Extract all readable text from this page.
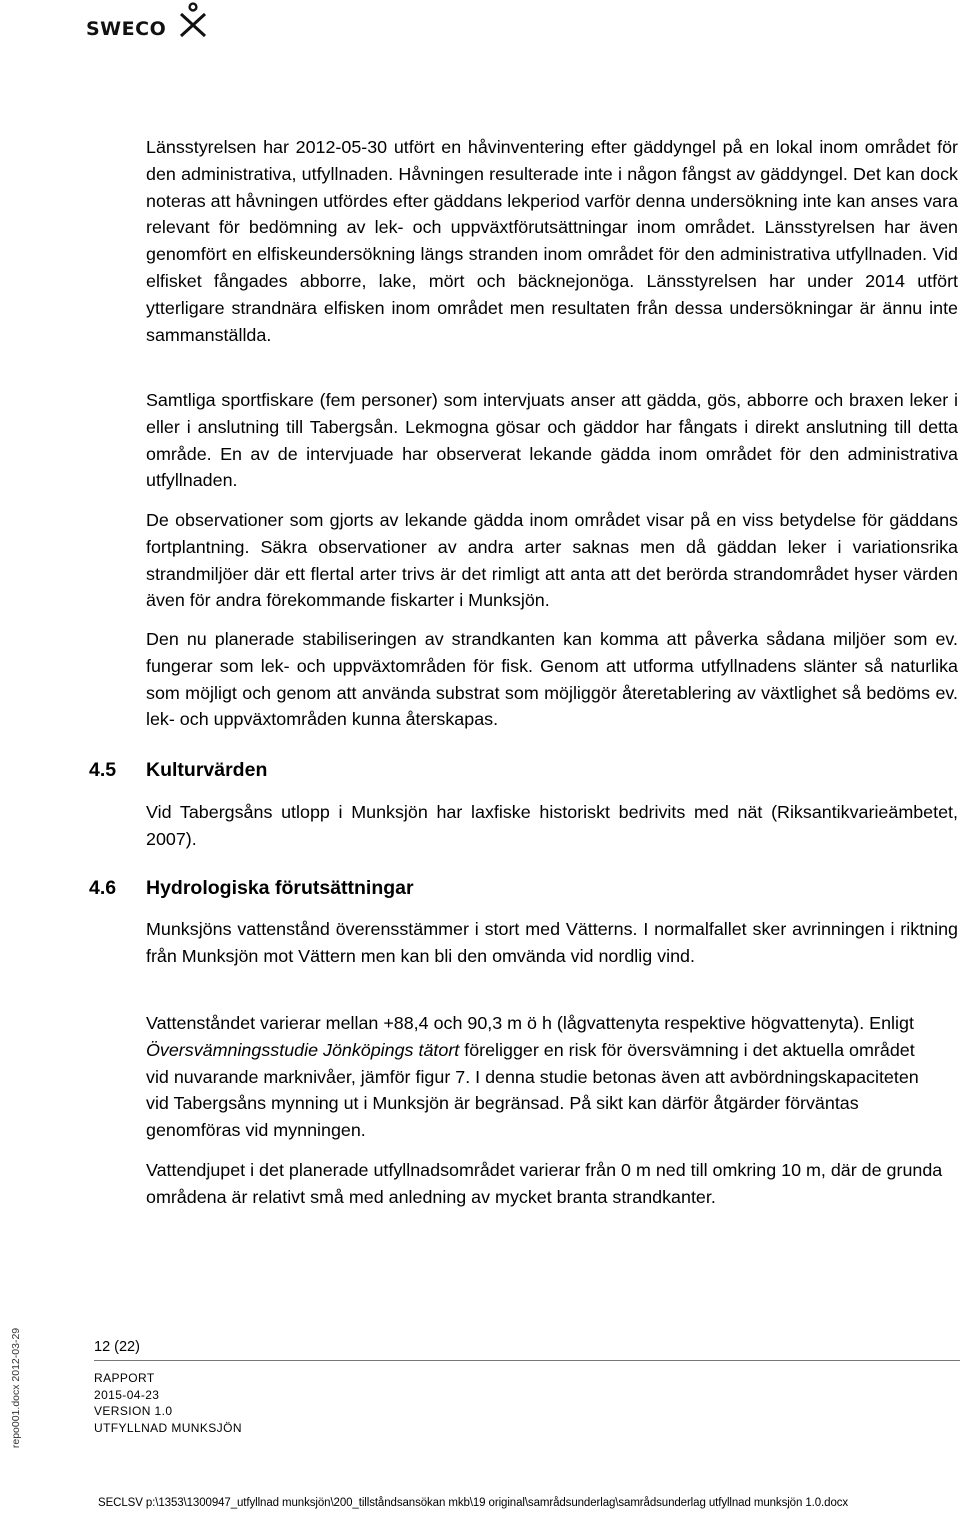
SWECO

Länsstyrelsen har 2012-05-30 utfört en håvinventering efter gäddyngel på en lokal inom området för den administrativa, utfyllnaden. Håvningen resulterade inte i någon fångst av gäddyngel. Det kan dock noteras att håvningen utfördes efter gäddans lekperiod varför denna undersökning inte kan anses vara relevant för bedömning av lek- och uppväxtförutsättningar inom området. Länsstyrelsen har även genomfört en elfiskeundersökning längs stranden inom området för den administrativa utfyllnaden. Vid elfisket fångades abborre, lake, mört och bäcknejonöga. Länsstyrelsen har under 2014 utfört ytterligare strandnära elfisken inom området men resultaten från dessa undersökningar är ännu inte sammanställda.

Samtliga sportfiskare (fem personer) som intervjuats anser att gädda, gös, abborre och braxen leker i eller i anslutning till Tabergsån. Lekmogna gösar och gäddor har fångats i direkt anslutning till detta område. En av de intervjuade har observerat lekande gädda inom området för den administrativa utfyllnaden.

De observationer som gjorts av lekande gädda inom området visar på en viss betydelse för gäddans fortplantning. Säkra observationer av andra arter saknas men då gäddan leker i variationsrika strandmiljöer där ett flertal arter trivs är det rimligt att anta att det berörda strandområdet hyser värden även för andra förekommande fiskarter i Munksjön.

Den nu planerade stabiliseringen av strandkanten kan komma att påverka sådana miljöer som ev. fungerar som lek- och uppväxtområden för fisk. Genom att utforma utfyllnadens slänter så naturlika som möjligt och genom att använda substrat som möjliggör återetablering av växtlighet så bedöms ev. lek- och uppväxtområden kunna återskapas.

4.5 Kulturvärden

Vid Tabergsåns utlopp i Munksjön har laxfiske historiskt bedrivits med nät (Riksantikvarieämbetet, 2007).

4.6 Hydrologiska förutsättningar

Munksjöns vattenstånd överensstämmer i stort med Vätterns. I normalfallet sker avrinningen i riktning från Munksjön mot Vättern men kan bli den omvända vid nordlig vind.

Vattenståndet varierar mellan +88,4 och 90,3 m ö h (lågvattenyta respektive högvattenyta). Enligt Översvämningsstudie Jönköpings tätort föreligger en risk för översvämning i det aktuella området vid nuvarande marknivåer, jämför figur 7. I denna studie betonas även att avbördningskapaciteten vid Tabergsåns mynning ut i Munksjön är begränsad. På sikt kan därför åtgärder förväntas genomföras vid mynningen.

Vattendjupet i det planerade utfyllnadsområdet varierar från 0 m ned till omkring 10 m, där de grunda områdena är relativt små med anledning av mycket branta strandkanter.

12 (22)
RAPPORT
2015-04-23
VERSION 1.0
UTFYLLNAD MUNKSJÖN
repo001.docx 2012-03-29
SECLSV p:\1353\1300947_utfyllnad munksjön\200_tillståndsansökan mkb\19 original\samrådsunderlag\samrådsunderlag utfyllnad munksjön 1.0.docx
